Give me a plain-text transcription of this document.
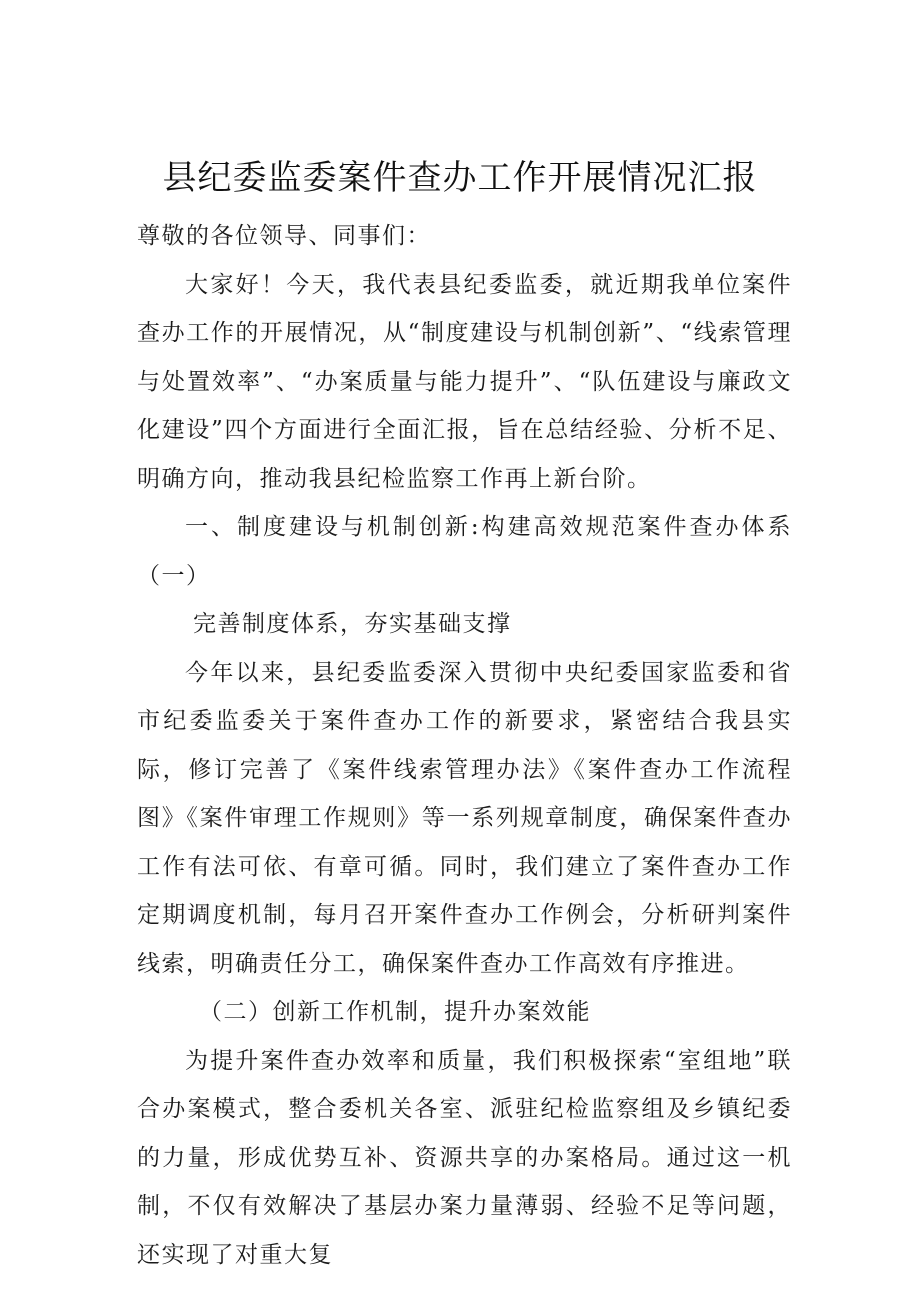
县纪委监委案件查办工作开展情况汇报

尊敬的各位领导、同事们：

大家好！今天，我代表县纪委监委，就近期我单位案件查办工作的开展情况，从“制度建设与机制创新”、“线索管理与处置效率”、“办案质量与能力提升”、“队伍建设与廉政文化建设”四个方面进行全面汇报，旨在总结经验、分析不足、明确方向，推动我县纪检监察工作再上新台阶。

一、制度建设与机制创新:构建高效规范案件查办体系（一）

完善制度体系，夯实基础支撑

今年以来，县纪委监委深入贯彻中央纪委国家监委和省市纪委监委关于案件查办工作的新要求，紧密结合我县实际，修订完善了《案件线索管理办法》《案件查办工作流程图》《案件审理工作规则》等一系列规章制度，确保案件查办工作有法可依、有章可循。同时，我们建立了案件查办工作定期调度机制，每月召开案件查办工作例会，分析研判案件线索，明确责任分工，确保案件查办工作高效有序推进。

（二）创新工作机制，提升办案效能

为提升案件查办效率和质量，我们积极探索“室组地”联合办案模式，整合委机关各室、派驻纪检监察组及乡镇纪委的力量，形成优势互补、资源共享的办案格局。通过这一机制，不仅有效解决了基层办案力量薄弱、经验不足等问题，还实现了对重大复
